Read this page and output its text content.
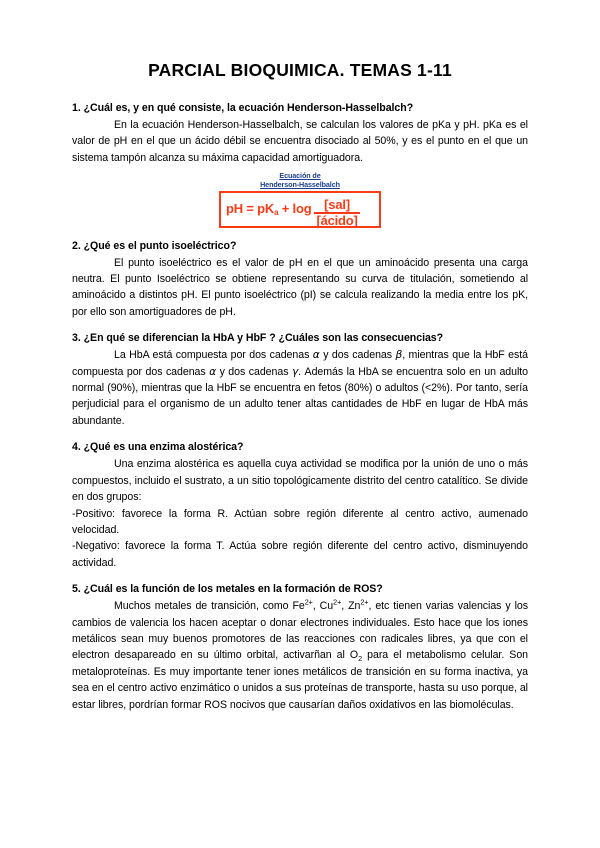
PARCIAL BIOQUIMICA. TEMAS 1-11

1. ¿Cuál es, y en qué consiste, la ecuación Henderson-Hasselbalch?

En la ecuación Henderson-Hasselbalch, se calculan los valores de pKa y pH. pKa es el valor de pH en el que un ácido débil se encuentra disociado al 50%, y es el punto en el que un sistema tampón alcanza su máxima capacidad amortiguadora.

Ecuación de
Henderson-Hasselbalch
pH = $pK_a + \log \frac{\text{[sal]}}{\text{[ácido]}}$

2. ¿Qué es el punto isoeléctrico?

El punto isoeléctrico es el valor de pH en el que un aminoácido presenta una carga neutra. El punto Isoeléctrico se obtiene representando su curva de titulación, sometiendo al aminoácido a distintos pH. El punto isoeléctrico (pI) se calcula realizando la media entre los pK, por ello son amortiguadores de pH.

3. ¿En qué se diferencian la HbA y HbF ? ¿Cuáles son las consecuencias?

La HbA está compuesta por dos cadenas α y dos cadenas β, mientras que la HbF está compuesta por dos cadenas α y dos cadenas γ. Además la HbA se encuentra solo en un adulto normal (90%), mientras que la HbF se encuentra en fetos (80%) o adultos (<2%). Por tanto, sería perjudicial para el organismo de un adulto tener altas cantidades de HbF en lugar de HbA más abundante.

4. ¿Qué es una enzima alostérica?

Una enzima alostérica es aquella cuya actividad se modifica por la unión de uno o más compuestos, incluido el sustrato, a un sitio topológicamente distrito del centro catalítico. Se divide en dos grupos:

-Positivo: favorece la forma R. Actúan sobre región diferente al centro activo, aumenado velocidad.

-Negativo: favorece la forma T. Actúa sobre región diferente del centro activo, disminuyendo actividad.

5. ¿Cuál es la función de los metales en la formación de ROS?

Muchos metales de transición, como $Fe^{2+}$, $Cu^{2+}$, $Zn^{2+}$, etc tienen varias valencias y los cambios de valencia los hacen aceptar o donar electrones individuales. Esto hace que los iones metálicos sean muy buenos promotores de las reacciones con radicales libres, ya que con el electron desapareado en su último orbital, activarñan al $O_2$ para el metabolismo celular. Son metaloproteínas. Es muy importante tener iones metálicos de transición en su forma inactiva, ya sea en el centro activo enzimático o unidos a sus proteínas de transporte, hasta su uso porque, al estar libres, pordrían formar ROS nocivos que causarían daños oxidativos en las biomoléculas.
